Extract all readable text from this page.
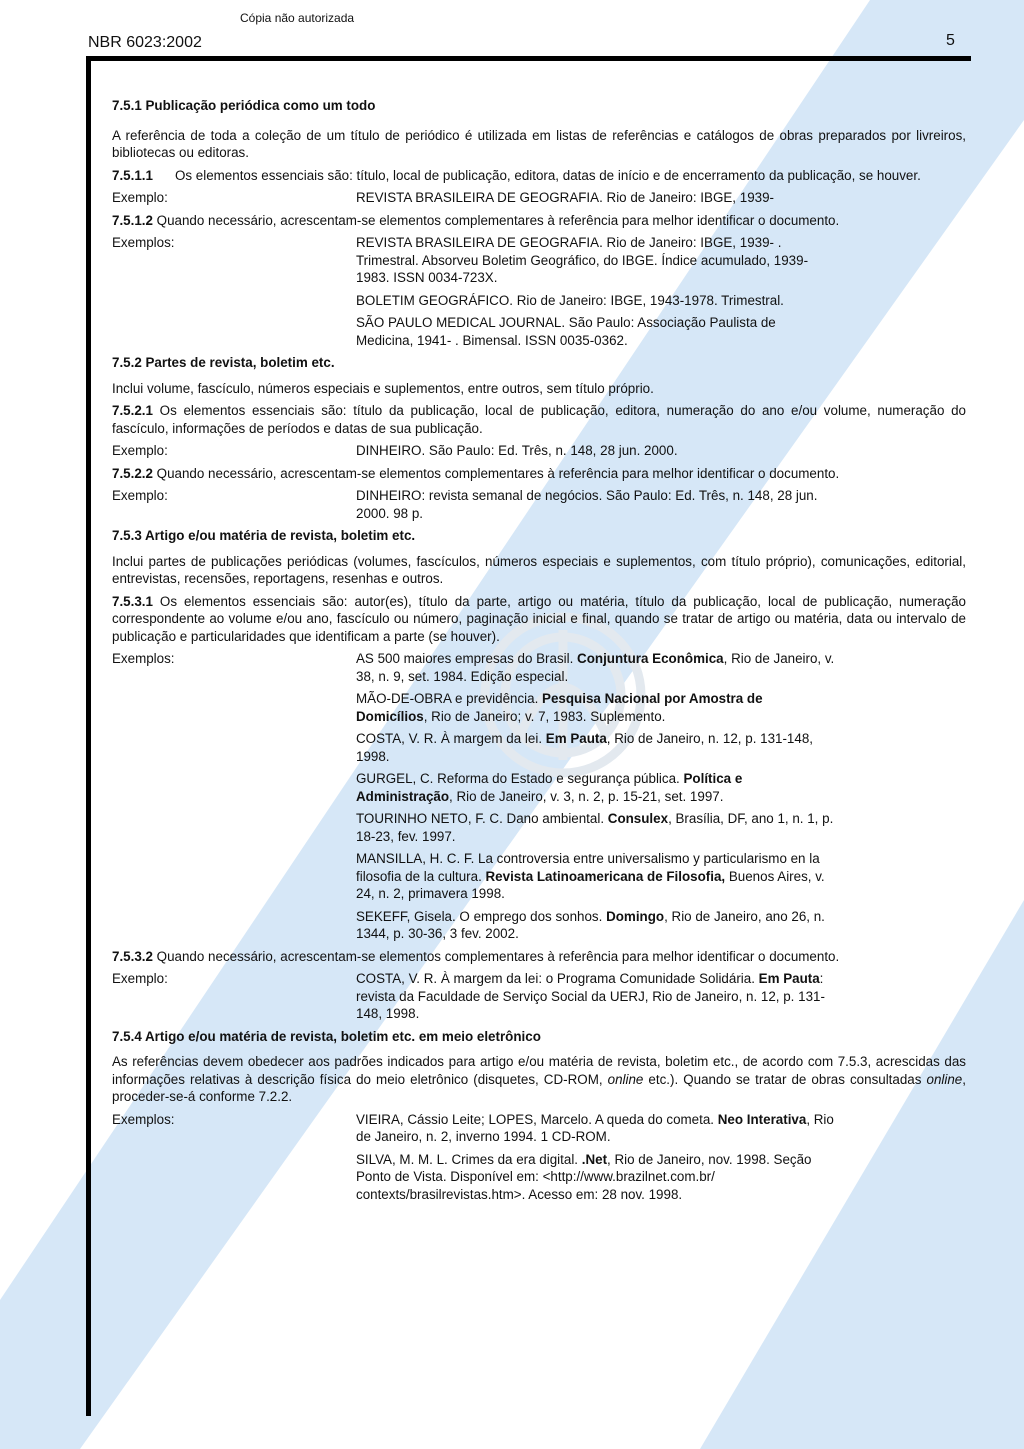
Cópia não autorizada
NBR 6023:2002	5
7.5.1 Publicação periódica como um todo
A referência de toda a coleção de um título de periódico é utilizada em listas de referências e catálogos de obras preparados por livreiros, bibliotecas ou editoras.
7.5.1.1 Os elementos essenciais são: título, local de publicação, editora, datas de início e de encerramento da publicação, se houver.
Exemplo:	REVISTA BRASILEIRA DE GEOGRAFIA. Rio de Janeiro: IBGE, 1939-
7.5.1.2 Quando necessário, acrescentam-se elementos complementares à referência para melhor identificar o documento.
Exemplos:	REVISTA BRASILEIRA DE GEOGRAFIA. Rio de Janeiro: IBGE, 1939- . Trimestral. Absorveu Boletim Geográfico, do IBGE. Índice acumulado, 1939-1983. ISSN 0034-723X.
BOLETIM GEOGRÁFICO. Rio de Janeiro: IBGE, 1943-1978. Trimestral.
SÃO PAULO MEDICAL JOURNAL. São Paulo: Associação Paulista de Medicina, 1941- . Bimensal. ISSN 0035-0362.
7.5.2 Partes de revista, boletim etc.
Inclui volume, fascículo, números especiais e suplementos, entre outros, sem título próprio.
7.5.2.1 Os elementos essenciais são: título da publicação, local de publicação, editora, numeração do ano e/ou volume, numeração do fascículo, informações de períodos e datas de sua publicação.
Exemplo:	DINHEIRO. São Paulo: Ed. Três, n. 148, 28 jun. 2000.
7.5.2.2 Quando necessário, acrescentam-se elementos complementares à referência para melhor identificar o documento.
Exemplo:	DINHEIRO: revista semanal de negócios. São Paulo: Ed. Três, n. 148, 28 jun. 2000. 98 p.
7.5.3 Artigo e/ou matéria de revista, boletim etc.
Inclui partes de publicações periódicas (volumes, fascículos, números especiais e suplementos, com título próprio), comunicações, editorial, entrevistas, recensões, reportagens, resenhas e outros.
7.5.3.1 Os elementos essenciais são: autor(es), título da parte, artigo ou matéria, título da publicação, local de publicação, numeração correspondente ao volume e/ou ano, fascículo ou número, paginação inicial e final, quando se tratar de artigo ou matéria, data ou intervalo de publicação e particularidades que identificam a parte (se houver).
Exemplos:	AS 500 maiores empresas do Brasil. Conjuntura Econômica, Rio de Janeiro, v. 38, n. 9, set. 1984. Edição especial.
MÃO-DE-OBRA e previdência. Pesquisa Nacional por Amostra de Domicílios, Rio de Janeiro; v. 7, 1983. Suplemento.
COSTA, V. R. À margem da lei. Em Pauta, Rio de Janeiro, n. 12, p. 131-148, 1998.
GURGEL, C. Reforma do Estado e segurança pública. Política e Administração, Rio de Janeiro, v. 3, n. 2, p. 15-21, set. 1997.
TOURINHO NETO, F. C. Dano ambiental. Consulex, Brasília, DF, ano 1, n. 1, p. 18-23, fev. 1997.
MANSILLA, H. C. F. La controversia entre universalismo y particularismo en la filosofia de la cultura. Revista Latinoamericana de Filosofia, Buenos Aires, v. 24, n. 2, primavera 1998.
SEKEFF, Gisela. O emprego dos sonhos. Domingo, Rio de Janeiro, ano 26, n. 1344, p. 30-36, 3 fev. 2002.
7.5.3.2 Quando necessário, acrescentam-se elementos complementares à referência para melhor identificar o documento.
Exemplo:	COSTA, V. R. À margem da lei: o Programa Comunidade Solidária. Em Pauta: revista da Faculdade de Serviço Social da UERJ, Rio de Janeiro, n. 12, p. 131-148, 1998.
7.5.4 Artigo e/ou matéria de revista, boletim etc. em meio eletrônico
As referências devem obedecer aos padrões indicados para artigo e/ou matéria de revista, boletim etc., de acordo com 7.5.3, acrescidas das informações relativas à descrição física do meio eletrônico (disquetes, CD-ROM, online etc.). Quando se tratar de obras consultadas online, proceder-se-á conforme 7.2.2.
Exemplos:	VIEIRA, Cássio Leite; LOPES, Marcelo. A queda do cometa. Neo Interativa, Rio de Janeiro, n. 2, inverno 1994. 1 CD-ROM.
SILVA, M. M. L. Crimes da era digital. .Net, Rio de Janeiro, nov. 1998. Seção Ponto de Vista. Disponível em: <http://www.brazilnet.com.br/ contexts/brasilrevistas.htm>. Acesso em: 28 nov. 1998.
